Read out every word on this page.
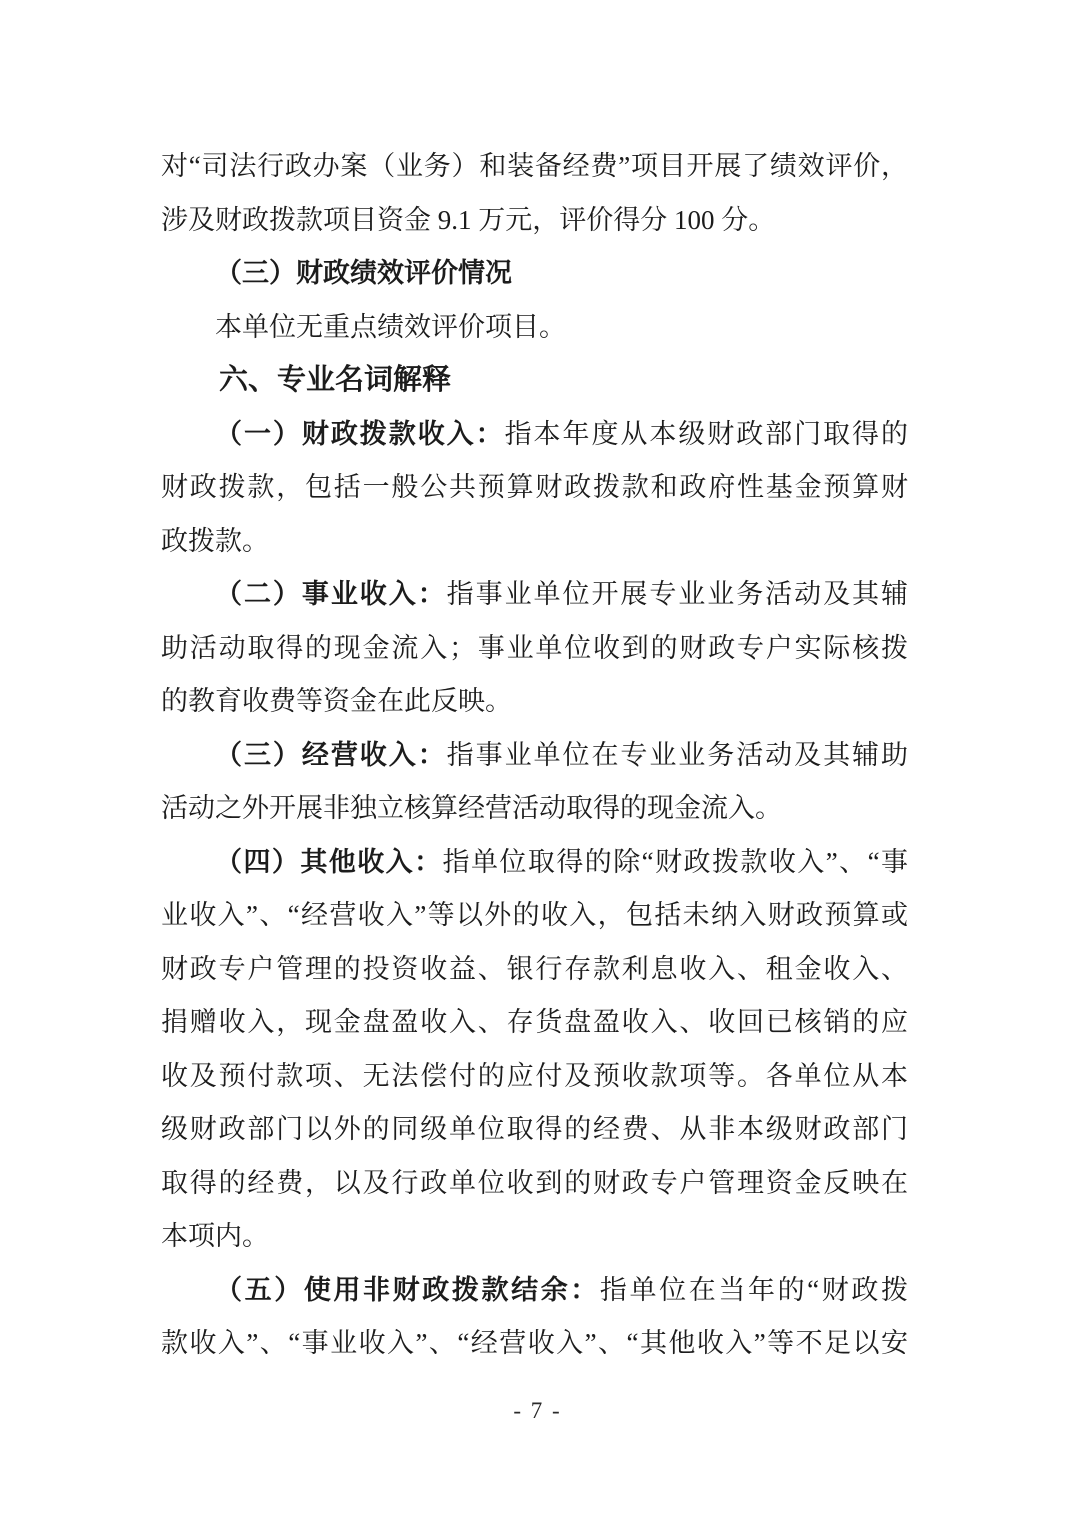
对“司法行政办案（业务）和装备经费”项目开展了绩效评价，
涉及财政拨款项目资金 9.1 万元，评价得分 100 分。
（三）财政绩效评价情况
本单位无重点绩效评价项目。
六、专业名词解释
（一）财政拨款收入：指本年度从本级财政部门取得的
财政拨款，包括一般公共预算财政拨款和政府性基金预算财
政拨款。
（二）事业收入：指事业单位开展专业业务活动及其辅
助活动取得的现金流入；事业单位收到的财政专户实际核拨
的教育收费等资金在此反映。
（三）经营收入：指事业单位在专业业务活动及其辅助
活动之外开展非独立核算经营活动取得的现金流入。
（四）其他收入：指单位取得的除“财政拨款收入”、“事
业收入”、“经营收入”等以外的收入，包括未纳入财政预算或
财政专户管理的投资收益、银行存款利息收入、租金收入、
捐赠收入，现金盘盈收入、存货盘盈收入、收回已核销的应
收及预付款项、无法偿付的应付及预收款项等。各单位从本
级财政部门以外的同级单位取得的经费、从非本级财政部门
取得的经费，以及行政单位收到的财政专户管理资金反映在
本项内。
（五）使用非财政拨款结余：指单位在当年的“财政拨
款收入”、“事业收入”、“经营收入”、“其他收入”等不足以安
- 7 -
